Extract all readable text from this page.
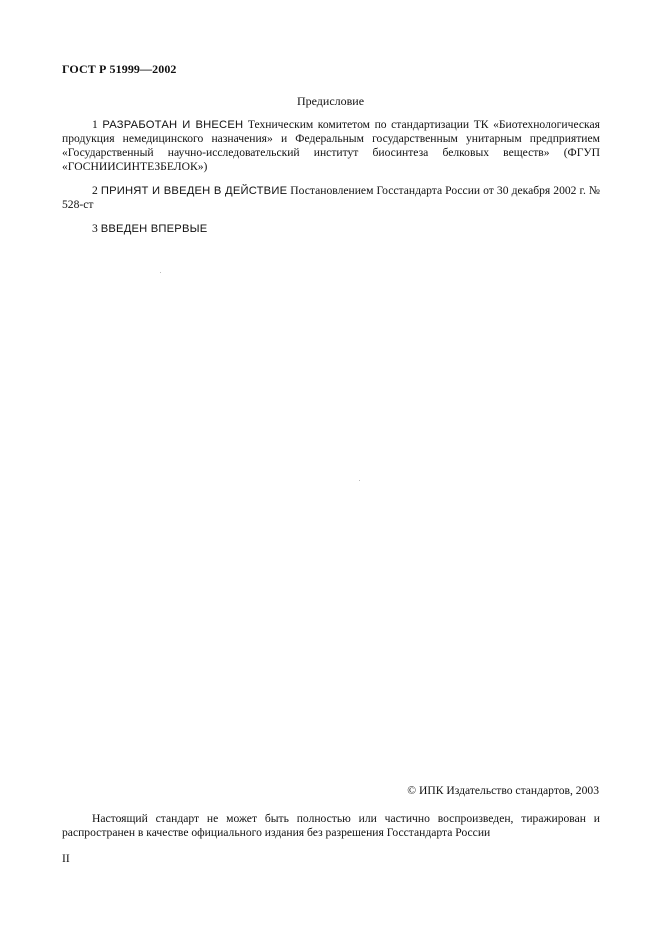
ГОСТ Р 51999—2002
Предисловие
1 РАЗРАБОТАН И ВНЕСЕН Техническим комитетом по стандартизации ТК «Биотехнологическая продукция немедицинского назначения» и Федеральным государственным унитарным предприятием «Государственный научно-исследовательский институт биосинтеза белковых веществ» (ФГУП «ГОСНИИСИНТЕЗБЕЛОК»)
2 ПРИНЯТ И ВВЕДЕН В ДЕЙСТВИЕ Постановлением Госстандарта России от 30 декабря 2002 г. № 528-ст
3 ВВЕДЕН ВПЕРВЫЕ
© ИПК Издательство стандартов, 2003
Настоящий стандарт не может быть полностью или частично воспроизведен, тиражирован и распространен в качестве официального издания без разрешения Госстандарта России
II
